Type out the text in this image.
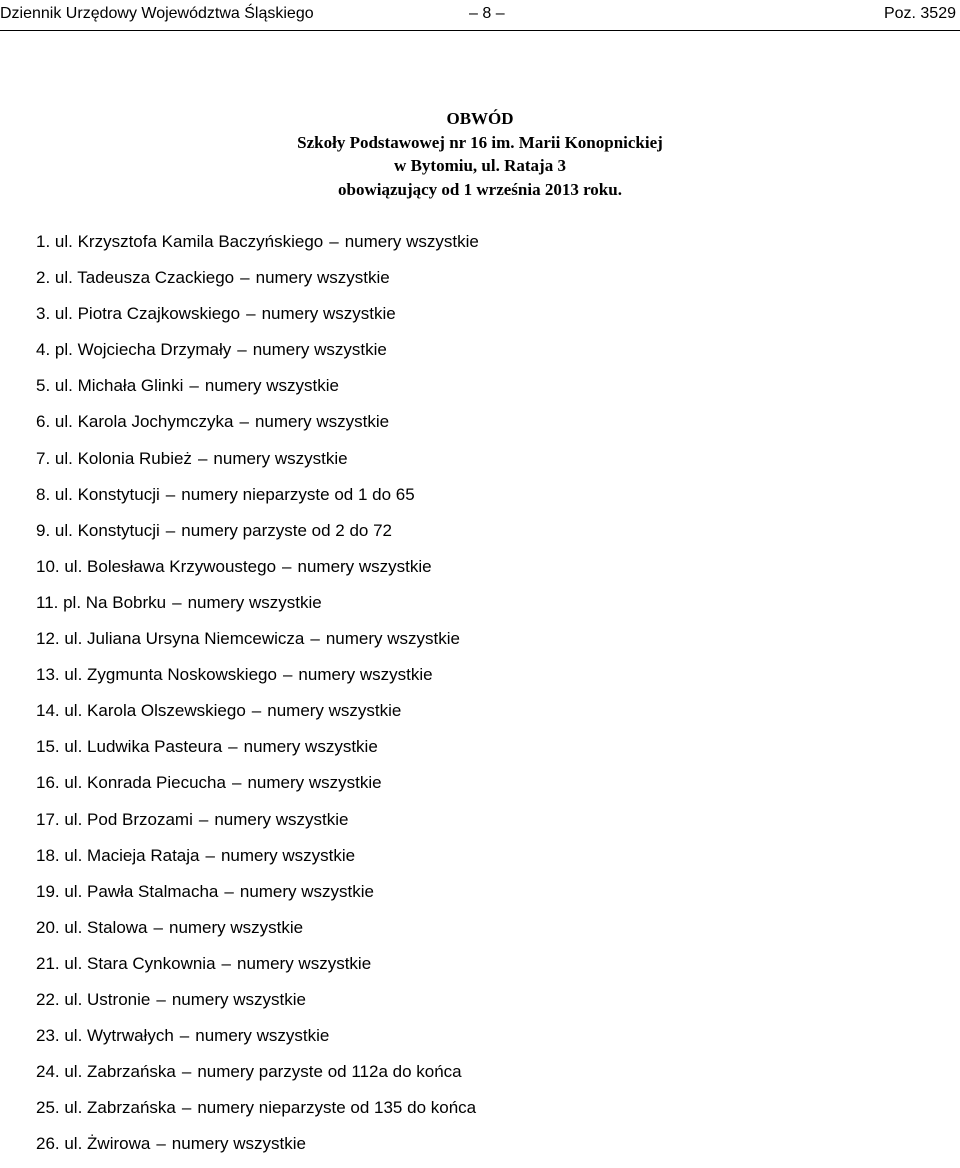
Dziennik Urzędowy Województwa Śląskiego	– 8 –	Poz. 3529
OBWÓD
Szkoły Podstawowej nr 16 im. Marii Konopnickiej
w Bytomiu, ul. Rataja 3
obowiązujący od 1 września 2013 roku.
1. ul. Krzysztofa Kamila Baczyńskiego – numery wszystkie
2. ul. Tadeusza Czackiego – numery wszystkie
3. ul. Piotra Czajkowskiego – numery wszystkie
4. pl. Wojciecha Drzymały – numery wszystkie
5. ul. Michała Glinki – numery wszystkie
6. ul. Karola Jochymczyka – numery wszystkie
7. ul. Kolonia Rubież – numery wszystkie
8. ul. Konstytucji – numery nieparzyste od 1 do 65
9. ul. Konstytucji – numery parzyste od 2 do 72
10. ul. Bolesława Krzywoustego – numery wszystkie
11. pl. Na Bobrku – numery wszystkie
12. ul. Juliana Ursyna Niemcewicza – numery wszystkie
13. ul. Zygmunta Noskowskiego – numery wszystkie
14. ul. Karola Olszewskiego – numery wszystkie
15. ul. Ludwika Pasteura – numery wszystkie
16. ul. Konrada Piecucha – numery wszystkie
17. ul. Pod Brzozami – numery wszystkie
18. ul. Macieja Rataja – numery wszystkie
19. ul. Pawła Stalmacha – numery wszystkie
20. ul. Stalowa – numery wszystkie
21. ul. Stara Cynkownia – numery wszystkie
22. ul. Ustronie – numery wszystkie
23. ul. Wytrwałych – numery wszystkie
24. ul. Zabrzańska – numery parzyste od 112a do końca
25. ul. Zabrzańska – numery nieparzyste od 135 do końca
26. ul. Żwirowa – numery wszystkie
